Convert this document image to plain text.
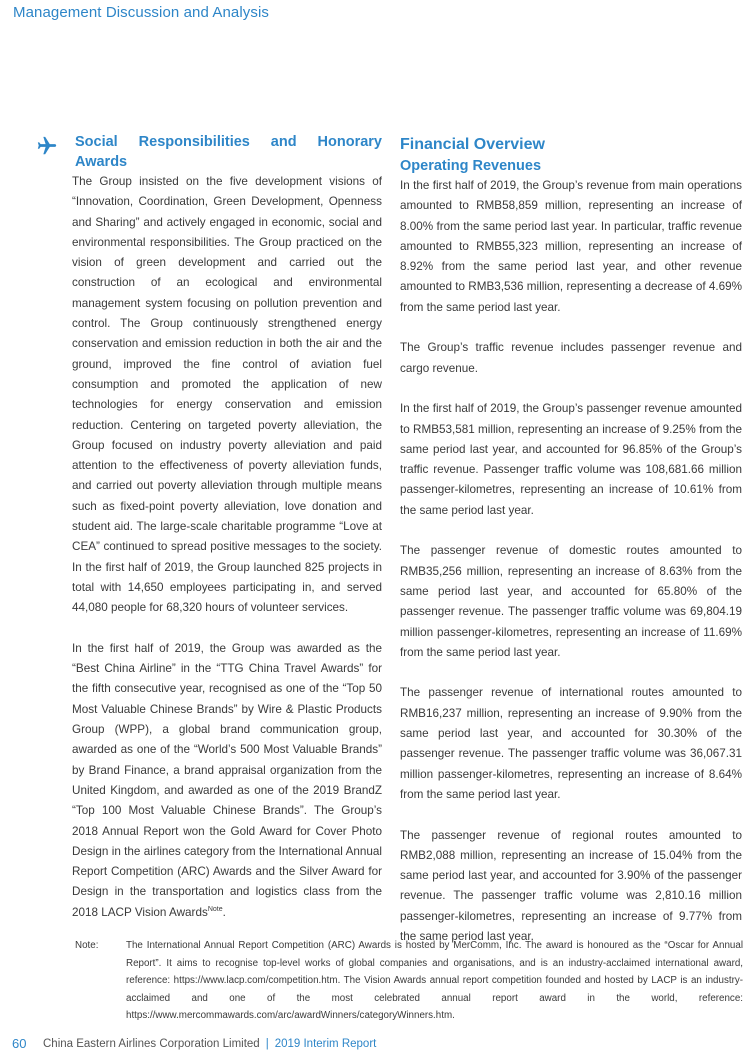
Management Discussion and Analysis
Social Responsibilities and Honorary Awards

The Group insisted on the five development visions of “Innovation, Coordination, Green Development, Openness and Sharing” and actively engaged in economic, social and environmental responsibilities. The Group practiced on the vision of green development and carried out the construction of an ecological and environmental management system focusing on pollution prevention and control. The Group continuously strengthened energy conservation and emission reduction in both the air and the ground, improved the fine control of aviation fuel consumption and promoted the application of new technologies for energy conservation and emission reduction. Centering on targeted poverty alleviation, the Group focused on industry poverty alleviation and paid attention to the effectiveness of poverty alleviation funds, and carried out poverty alleviation through multiple means such as fixed-point poverty alleviation, love donation and student aid. The large-scale charitable programme “Love at CEA” continued to spread positive messages to the society. In the first half of 2019, the Group launched 825 projects in total with 14,650 employees participating in, and served 44,080 people for 68,320 hours of volunteer services.

In the first half of 2019, the Group was awarded as the “Best China Airline” in the “TTG China Travel Awards” for the fifth consecutive year, recognised as one of the “Top 50 Most Valuable Chinese Brands” by Wire & Plastic Products Group (WPP), a global brand communication group, awarded as one of the “World’s 500 Most Valuable Brands” by Brand Finance, a brand appraisal organization from the United Kingdom, and awarded as one of the 2019 BrandZ “Top 100 Most Valuable Chinese Brands”. The Group’s 2018 Annual Report won the Gold Award for Cover Photo Design in the airlines category from the International Annual Report Competition (ARC) Awards and the Silver Award for Design in the transportation and logistics class from the 2018 LACP Vision Awards$^{Note}$.

Financial Overview
Operating Revenues

In the first half of 2019, the Group’s revenue from main operations amounted to RMB58,859 million, representing an increase of 8.00% from the same period last year. In particular, traffic revenue amounted to RMB55,323 million, representing an increase of 8.92% from the same period last year, and other revenue amounted to RMB3,536 million, representing a decrease of 4.69% from the same period last year.

The Group’s traffic revenue includes passenger revenue and cargo revenue.

In the first half of 2019, the Group’s passenger revenue amounted to RMB53,581 million, representing an increase of 9.25% from the same period last year, and accounted for 96.85% of the Group’s traffic revenue. Passenger traffic volume was 108,681.66 million passenger-kilometres, representing an increase of 10.61% from the same period last year.

The passenger revenue of domestic routes amounted to RMB35,256 million, representing an increase of 8.63% from the same period last year, and accounted for 65.80% of the passenger revenue. The passenger traffic volume was 69,804.19 million passenger-kilometres, representing an increase of 11.69% from the same period last year.

The passenger revenue of international routes amounted to RMB16,237 million, representing an increase of 9.90% from the same period last year, and accounted for 30.30% of the passenger revenue. The passenger traffic volume was 36,067.31 million passenger-kilometres, representing an increase of 8.64% from the same period last year.

The passenger revenue of regional routes amounted to RMB2,088 million, representing an increase of 15.04% from the same period last year, and accounted for 3.90% of the passenger revenue. The passenger traffic volume was 2,810.16 million passenger-kilometres, representing an increase of 9.77% from the same period last year.

Note:	The International Annual Report Competition (ARC) Awards is hosted by MerComm, Inc. The award is honoured as the “Oscar for Annual Report”. It aims to recognise top-level works of global companies and organisations, and is an industry-acclaimed international award, reference: https://www.lacp.com/competition.htm. The Vision Awards annual report competition founded and hosted by LACP is an industry-acclaimed and one of the most celebrated annual report award in the world, reference: https://www.mercommawards.com/arc/awardWinners/categoryWinners.htm.
60 China Eastern Airlines Corporation Limited | 2019 Interim Report
